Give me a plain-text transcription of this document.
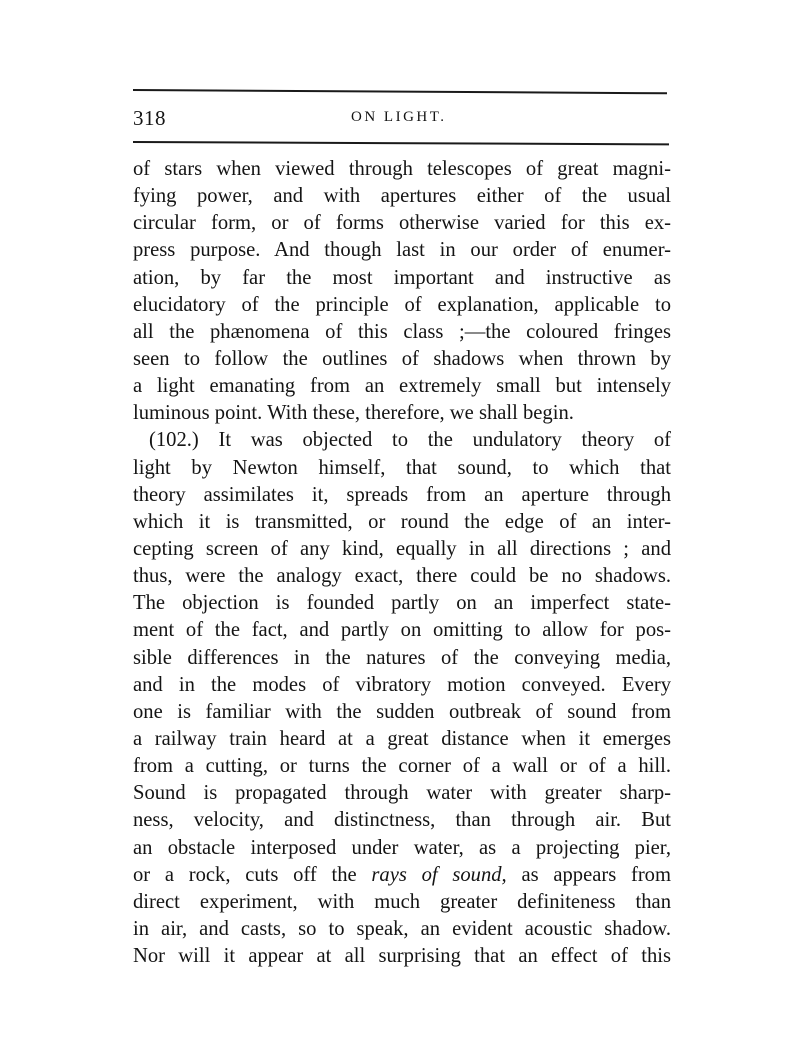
318	ON LIGHT.
of stars when viewed through telescopes of great magni-
fying power, and with apertures either of the usual
circular form, or of forms otherwise varied for this ex-
press purpose. And though last in our order of enumer-
ation, by far the most important and instructive as
elucidatory of the principle of explanation, applicable to
all the phænomena of this class ;—the coloured fringes
seen to follow the outlines of shadows when thrown by
a light emanating from an extremely small but intensely
luminous point. With these, therefore, we shall begin.
(102.) It was objected to the undulatory theory of
light by Newton himself, that sound, to which that
theory assimilates it, spreads from an aperture through
which it is transmitted, or round the edge of an inter-
cepting screen of any kind, equally in all directions ; and
thus, were the analogy exact, there could be no shadows.
The objection is founded partly on an imperfect state-
ment of the fact, and partly on omitting to allow for pos-
sible differences in the natures of the conveying media,
and in the modes of vibratory motion conveyed. Every
one is familiar with the sudden outbreak of sound from
a railway train heard at a great distance when it emerges
from a cutting, or turns the corner of a wall or of a hill.
Sound is propagated through water with greater sharp-
ness, velocity, and distinctness, than through air. But
an obstacle interposed under water, as a projecting pier,
or a rock, cuts off the rays of sound, as appears from
direct experiment, with much greater definiteness than
in air, and casts, so to speak, an evident acoustic shadow.
Nor will it appear at all surprising that an effect of this
